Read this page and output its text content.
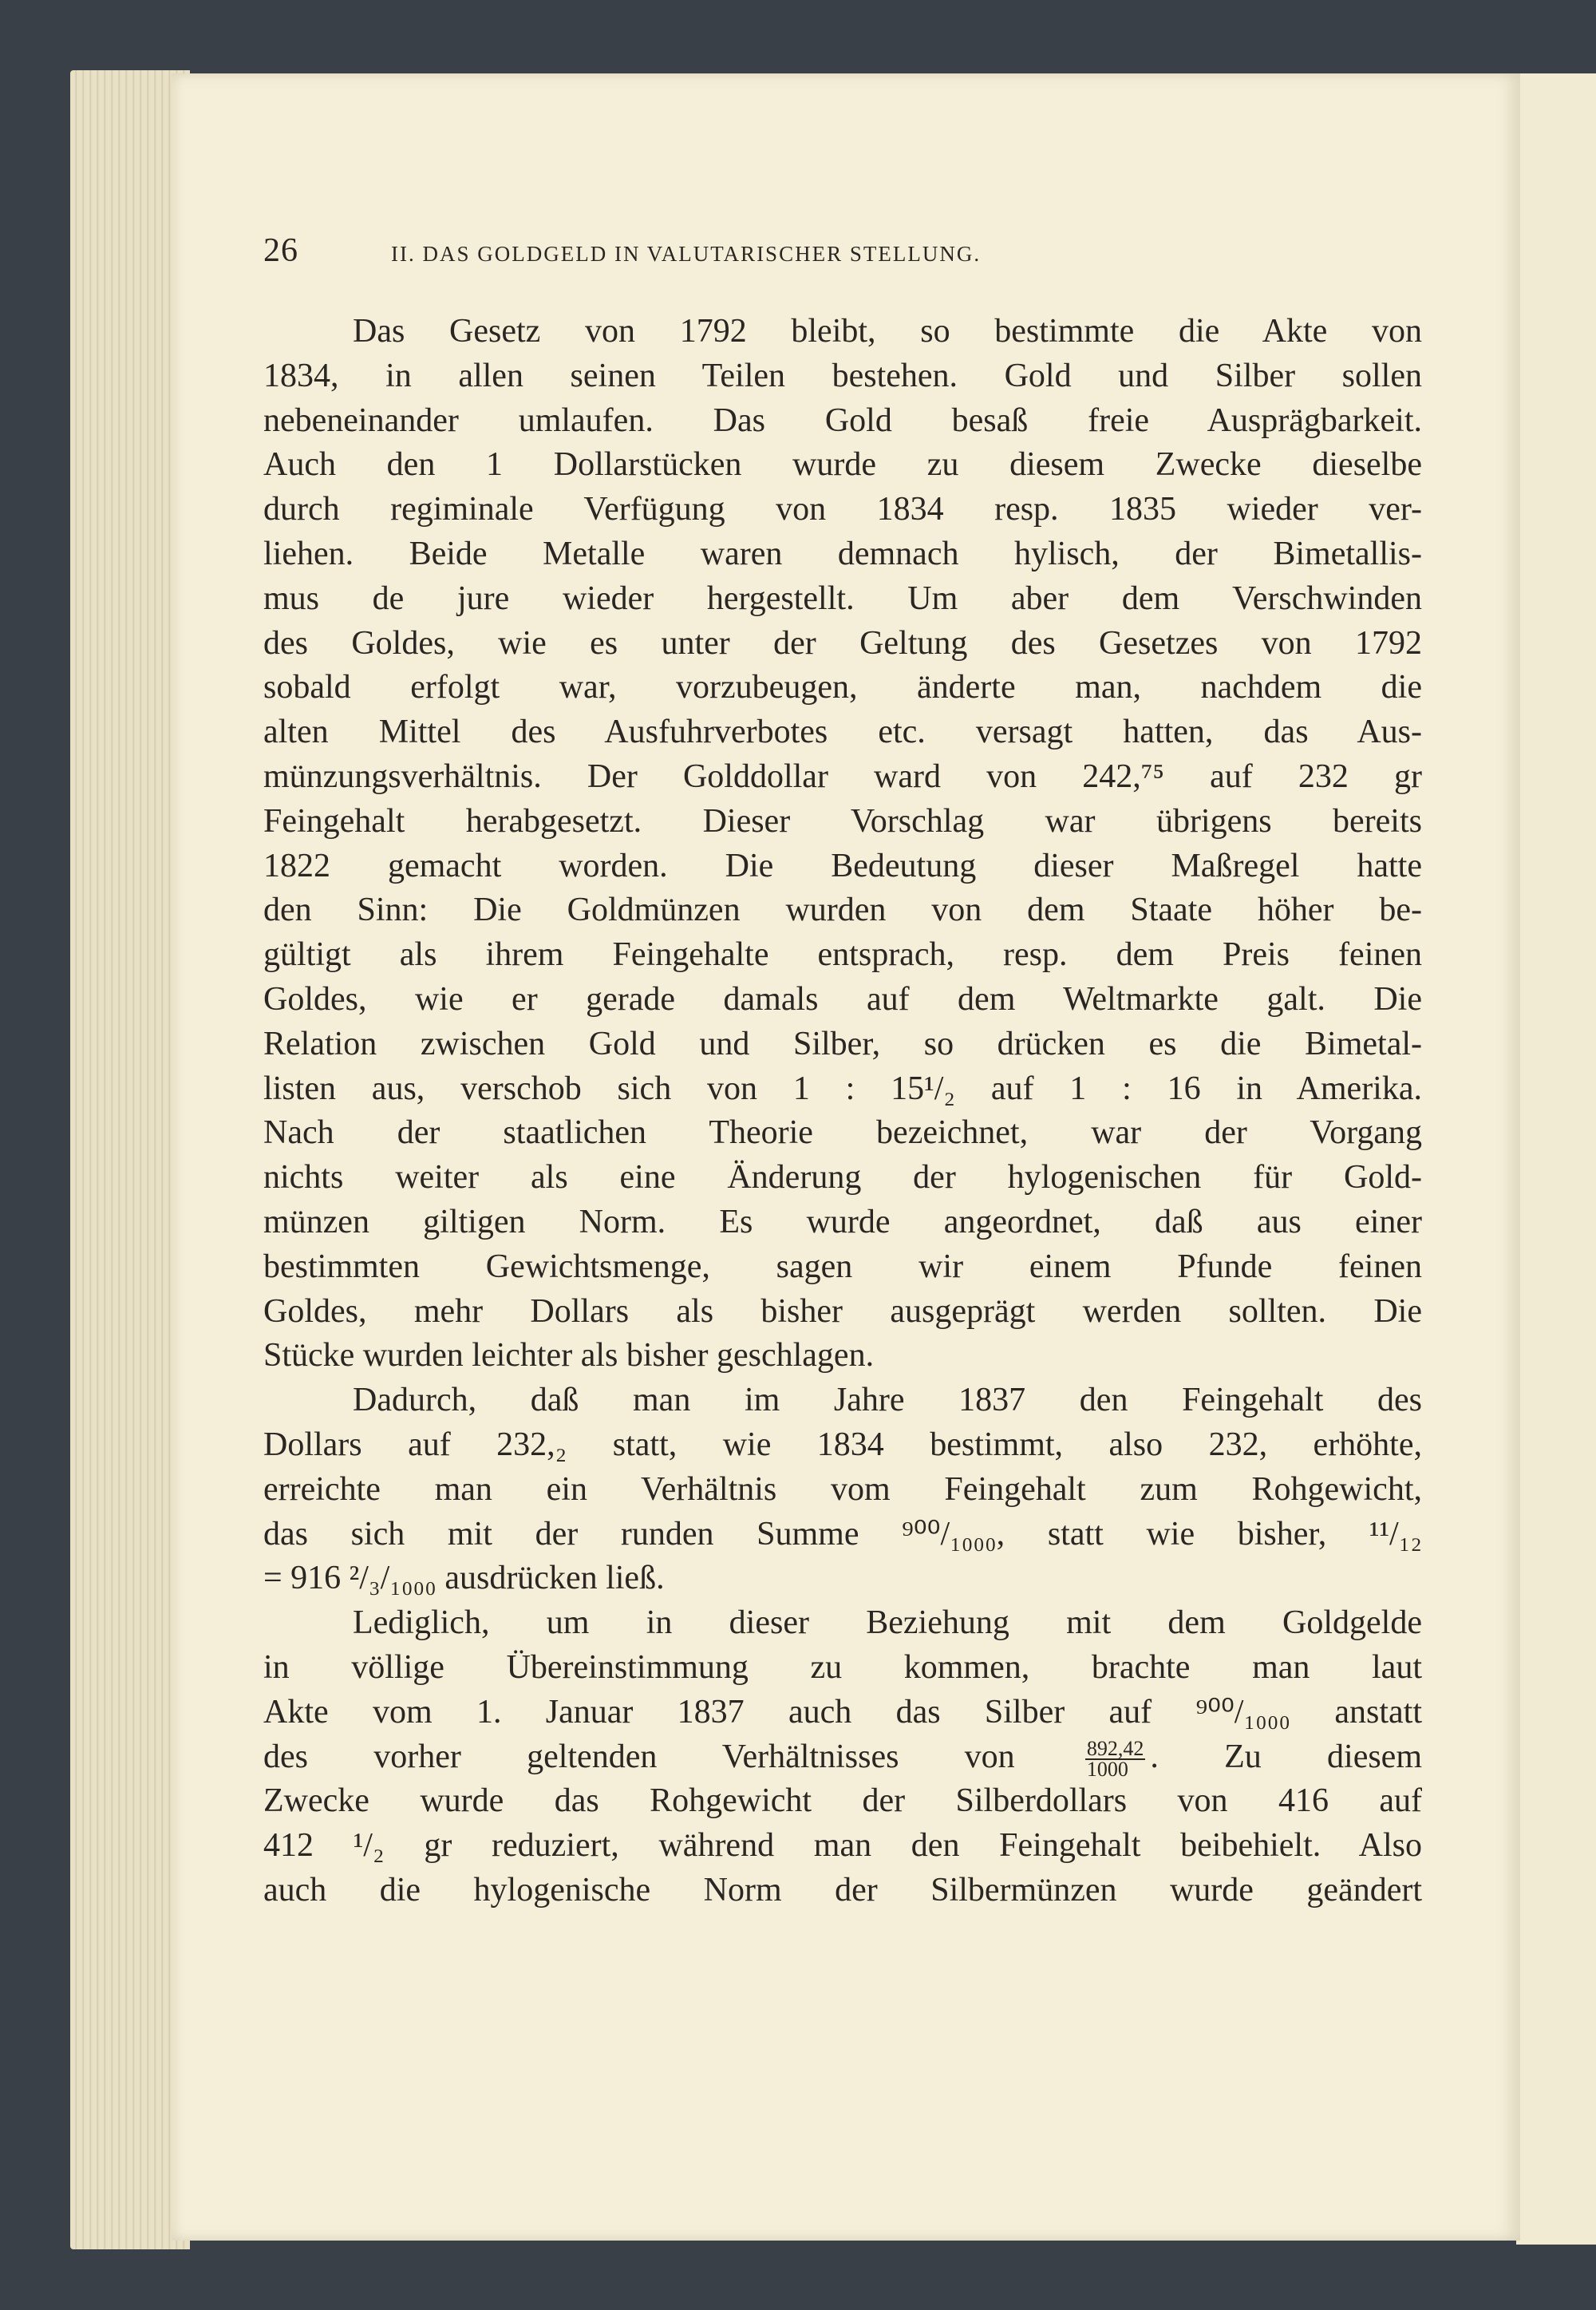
26	II. DAS GOLDGELD IN VALUTARISCHER STELLUNG.
Das Gesetz von 1792 bleibt, so bestimmte die Akte von
1834, in allen seinen Teilen bestehen. Gold und Silber sollen
nebeneinander umlaufen. Das Gold besaß freie Ausprägbarkeit.
Auch den 1 Dollarstücken wurde zu diesem Zwecke dieselbe
durch regiminale Verfügung von 1834 resp. 1835 wieder ver-
liehen. Beide Metalle waren demnach hylisch, der Bimetallis-
mus de jure wieder hergestellt. Um aber dem Verschwinden
des Goldes, wie es unter der Geltung des Gesetzes von 1792
sobald erfolgt war, vorzubeugen, änderte man, nachdem die
alten Mittel des Ausfuhrverbotes etc. versagt hatten, das Aus-
münzungsverhältnis. Der Golddollar ward von 242,⁷⁵ auf 232 gr
Feingehalt herabgesetzt. Dieser Vorschlag war übrigens bereits
1822 gemacht worden. Die Bedeutung dieser Maßregel hatte
den Sinn: Die Goldmünzen wurden von dem Staate höher be-
gültigt als ihrem Feingehalte entsprach, resp. dem Preis feinen
Goldes, wie er gerade damals auf dem Weltmarkte galt. Die
Relation zwischen Gold und Silber, so drücken es die Bimetal-
listen aus, verschob sich von 1 : 15¹/₂ auf 1 : 16 in Amerika.
Nach der staatlichen Theorie bezeichnet, war der Vorgang
nichts weiter als eine Änderung der hylogenischen für Gold-
münzen giltigen Norm. Es wurde angeordnet, daß aus einer
bestimmten Gewichtsmenge, sagen wir einem Pfunde feinen
Goldes, mehr Dollars als bisher ausgeprägt werden sollten. Die
Stücke wurden leichter als bisher geschlagen.
Dadurch, daß man im Jahre 1837 den Feingehalt des
Dollars auf 232,₂ statt, wie 1834 bestimmt, also 232, erhöhte,
erreichte man ein Verhältnis vom Feingehalt zum Rohgewicht,
das sich mit der runden Summe ⁹⁰⁰/₁₀₀₀, statt wie bisher, ¹¹/₁₂
= 916 ²/₃/₁₀₀₀ ausdrücken ließ.
Lediglich, um in dieser Beziehung mit dem Goldgelde
in völlige Übereinstimmung zu kommen, brachte man laut
Akte vom 1. Januar 1837 auch das Silber auf ⁹⁰⁰/₁₀₀₀ anstatt
des vorher geltenden Verhältnisses von	$\frac{892,42}{1000}$ . Zu diesem
Zwecke wurde das Rohgewicht der Silberdollars von 416 auf
412 ¹/₂ gr reduziert, während man den Feingehalt beibehielt. Also
auch die hylogenische Norm der Silbermünzen wurde geändert
